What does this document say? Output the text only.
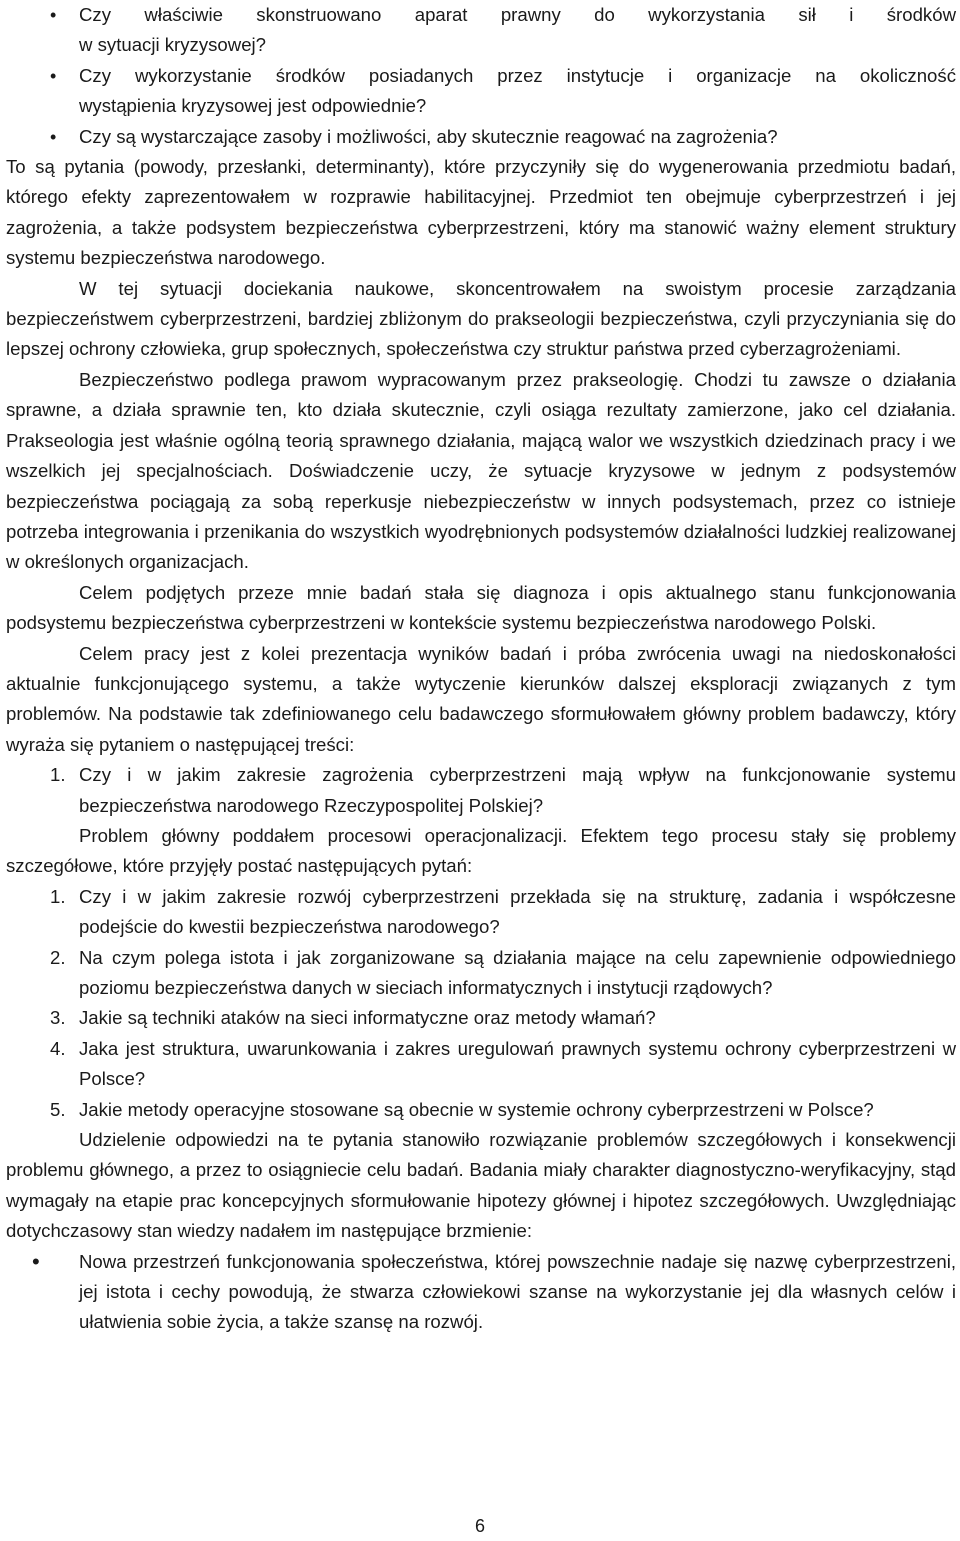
•	Czy właściwie skonstruowano aparat prawny do wykorzystania sił i środków
w sytuacji kryzysowej?

•	Czy wykorzystanie środków posiadanych przez instytucje i organizacje na okoliczność
wystąpienia kryzysowej jest odpowiednie?

•	Czy są wystarczające zasoby i możliwości, aby skutecznie reagować na zagrożenia?

To są pytania (powody, przesłanki, determinanty), które przyczyniły się do wygenerowania przedmiotu badań, którego efekty zaprezentowałem w rozprawie habilitacyjnej. Przedmiot ten obejmuje cyberprzestrzeń i jej zagrożenia, a także podsystem bezpieczeństwa cyberprzestrzeni, który ma stanowić ważny element struktury systemu bezpieczeństwa narodowego.

W tej sytuacji dociekania naukowe, skoncentrowałem na swoistym procesie zarządzania bezpieczeństwem cyberprzestrzeni, bardziej zbliżonym do prakseologii bezpieczeństwa, czyli przyczyniania się do lepszej ochrony człowieka, grup społecznych, społeczeństwa czy struktur państwa przed cyberzagrożeniami.

Bezpieczeństwo podlega prawom wypracowanym przez prakseologię. Chodzi tu zawsze o działania sprawne, a działa sprawnie ten, kto działa skutecznie, czyli osiąga rezultaty zamierzone, jako cel działania. Prakseologia jest właśnie ogólną teorią sprawnego działania, mającą walor we wszystkich dziedzinach pracy i we wszelkich jej specjalnościach. Doświadczenie uczy, że sytuacje kryzysowe w jednym z podsystemów bezpieczeństwa pociągają za sobą reperkusje niebezpieczeństw w innych podsystemach, przez co istnieje potrzeba integrowania i przenikania do wszystkich wyodrębnionych podsystemów działalności ludzkiej realizowanej w określonych organizacjach.

Celem podjętych przeze mnie badań stała się diagnoza i opis aktualnego stanu funkcjonowania podsystemu bezpieczeństwa cyberprzestrzeni w kontekście systemu bezpieczeństwa narodowego Polski.

Celem pracy jest z kolei prezentacja wyników badań i próba zwrócenia uwagi na niedoskonałości aktualnie funkcjonującego systemu, a także wytyczenie kierunków dalszej eksploracji związanych z tym problemów. Na podstawie tak zdefiniowanego celu badawczego sformułowałem główny problem badawczy, który wyraża się pytaniem o następującej treści:

1. Czy i w jakim zakresie zagrożenia cyberprzestrzeni mają wpływ na funkcjonowanie systemu bezpieczeństwa narodowego Rzeczypospolitej Polskiej?

Problem główny poddałem procesowi operacjonalizacji. Efektem tego procesu stały się problemy szczegółowe, które przyjęły postać następujących pytań:

1. Czy i w jakim zakresie rozwój cyberprzestrzeni przekłada się na strukturę, zadania i współczesne podejście do kwestii bezpieczeństwa narodowego?

2. Na czym polega istota i jak zorganizowane są działania mające na celu zapewnienie odpowiedniego poziomu bezpieczeństwa danych w sieciach informatycznych i instytucji rządowych?

3. Jakie są techniki ataków na sieci informatyczne oraz metody włamań?

4. Jaka jest struktura, uwarunkowania i zakres uregulowań prawnych systemu ochrony cyberprzestrzeni w Polsce?

5. Jakie metody operacyjne stosowane są obecnie w systemie ochrony cyberprzestrzeni w Polsce?

Udzielenie odpowiedzi na te pytania stanowiło rozwiązanie problemów szczegółowych i konsekwencji problemu głównego, a przez to osiągniecie celu badań. Badania miały charakter diagnostyczno-weryfikacyjny, stąd wymagały na etapie prac koncepcyjnych sformułowanie hipotezy głównej i hipotez szczegółowych. Uwzględniając dotychczasowy stan wiedzy nadałem im następujące brzmienie:

• Nowa przestrzeń funkcjonowania społeczeństwa, której powszechnie nadaje się nazwę cyberprzestrzeni, jej istota i cechy powodują, że stwarza człowiekowi szanse na wykorzystanie jej dla własnych celów i ułatwienia sobie życia, a także szansę na rozwój.

6
